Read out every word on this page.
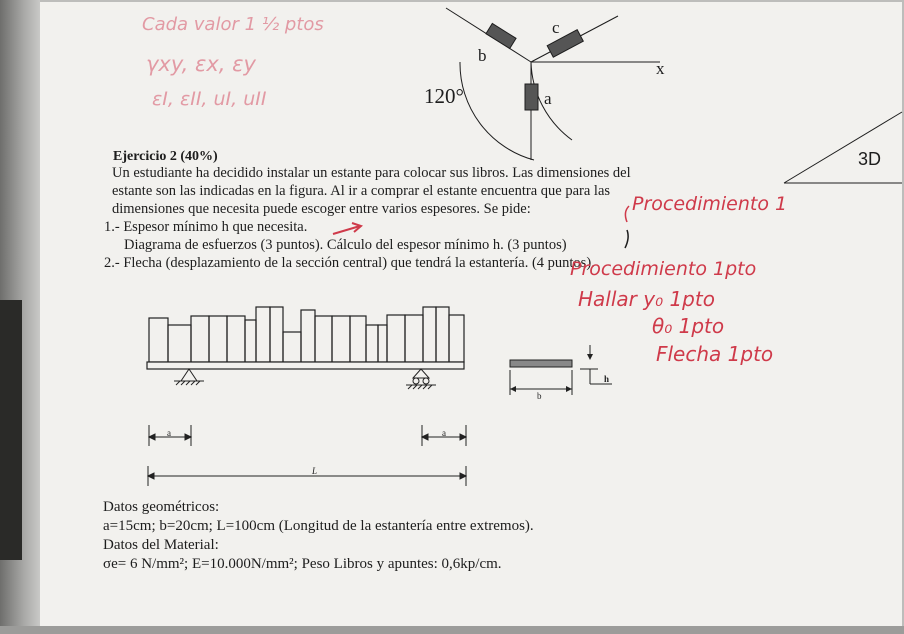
Cada valor 1 ½ ptos
γxy, εx, εy
εI, εII, uI, uII	120°	a
b
c
x
3D
Ejercicio 2 (40%)
Un estudiante ha decidido instalar un estante para colocar sus libros. Las dimensiones del
estante son las indicadas en la figura. Al ir a comprar el estante encuentra que para las
dimensiones que necesita puede escoger entre varios espesores. Se pide:
1.- Espesor mínimo h que necesita.
Diagrama de esfuerzos (3 puntos). Cálculo del espesor mínimo h. (3 puntos)
2.- Flecha (desplazamiento de la sección central) que tendrá la estantería. (4 puntos).
Procedimiento 1
Procedimiento 1pto
Hallar y₀ 1pto
θ₀ 1pto
Flecha 1pto
a	a
L
b
h
Datos geométricos:
a=15cm; b=20cm; L=100cm (Longitud de la estantería entre extremos).
Datos del Material:
σe= 6 N/mm²; E=10.000N/mm²; Peso Libros y apuntes: 0,6kp/cm.
